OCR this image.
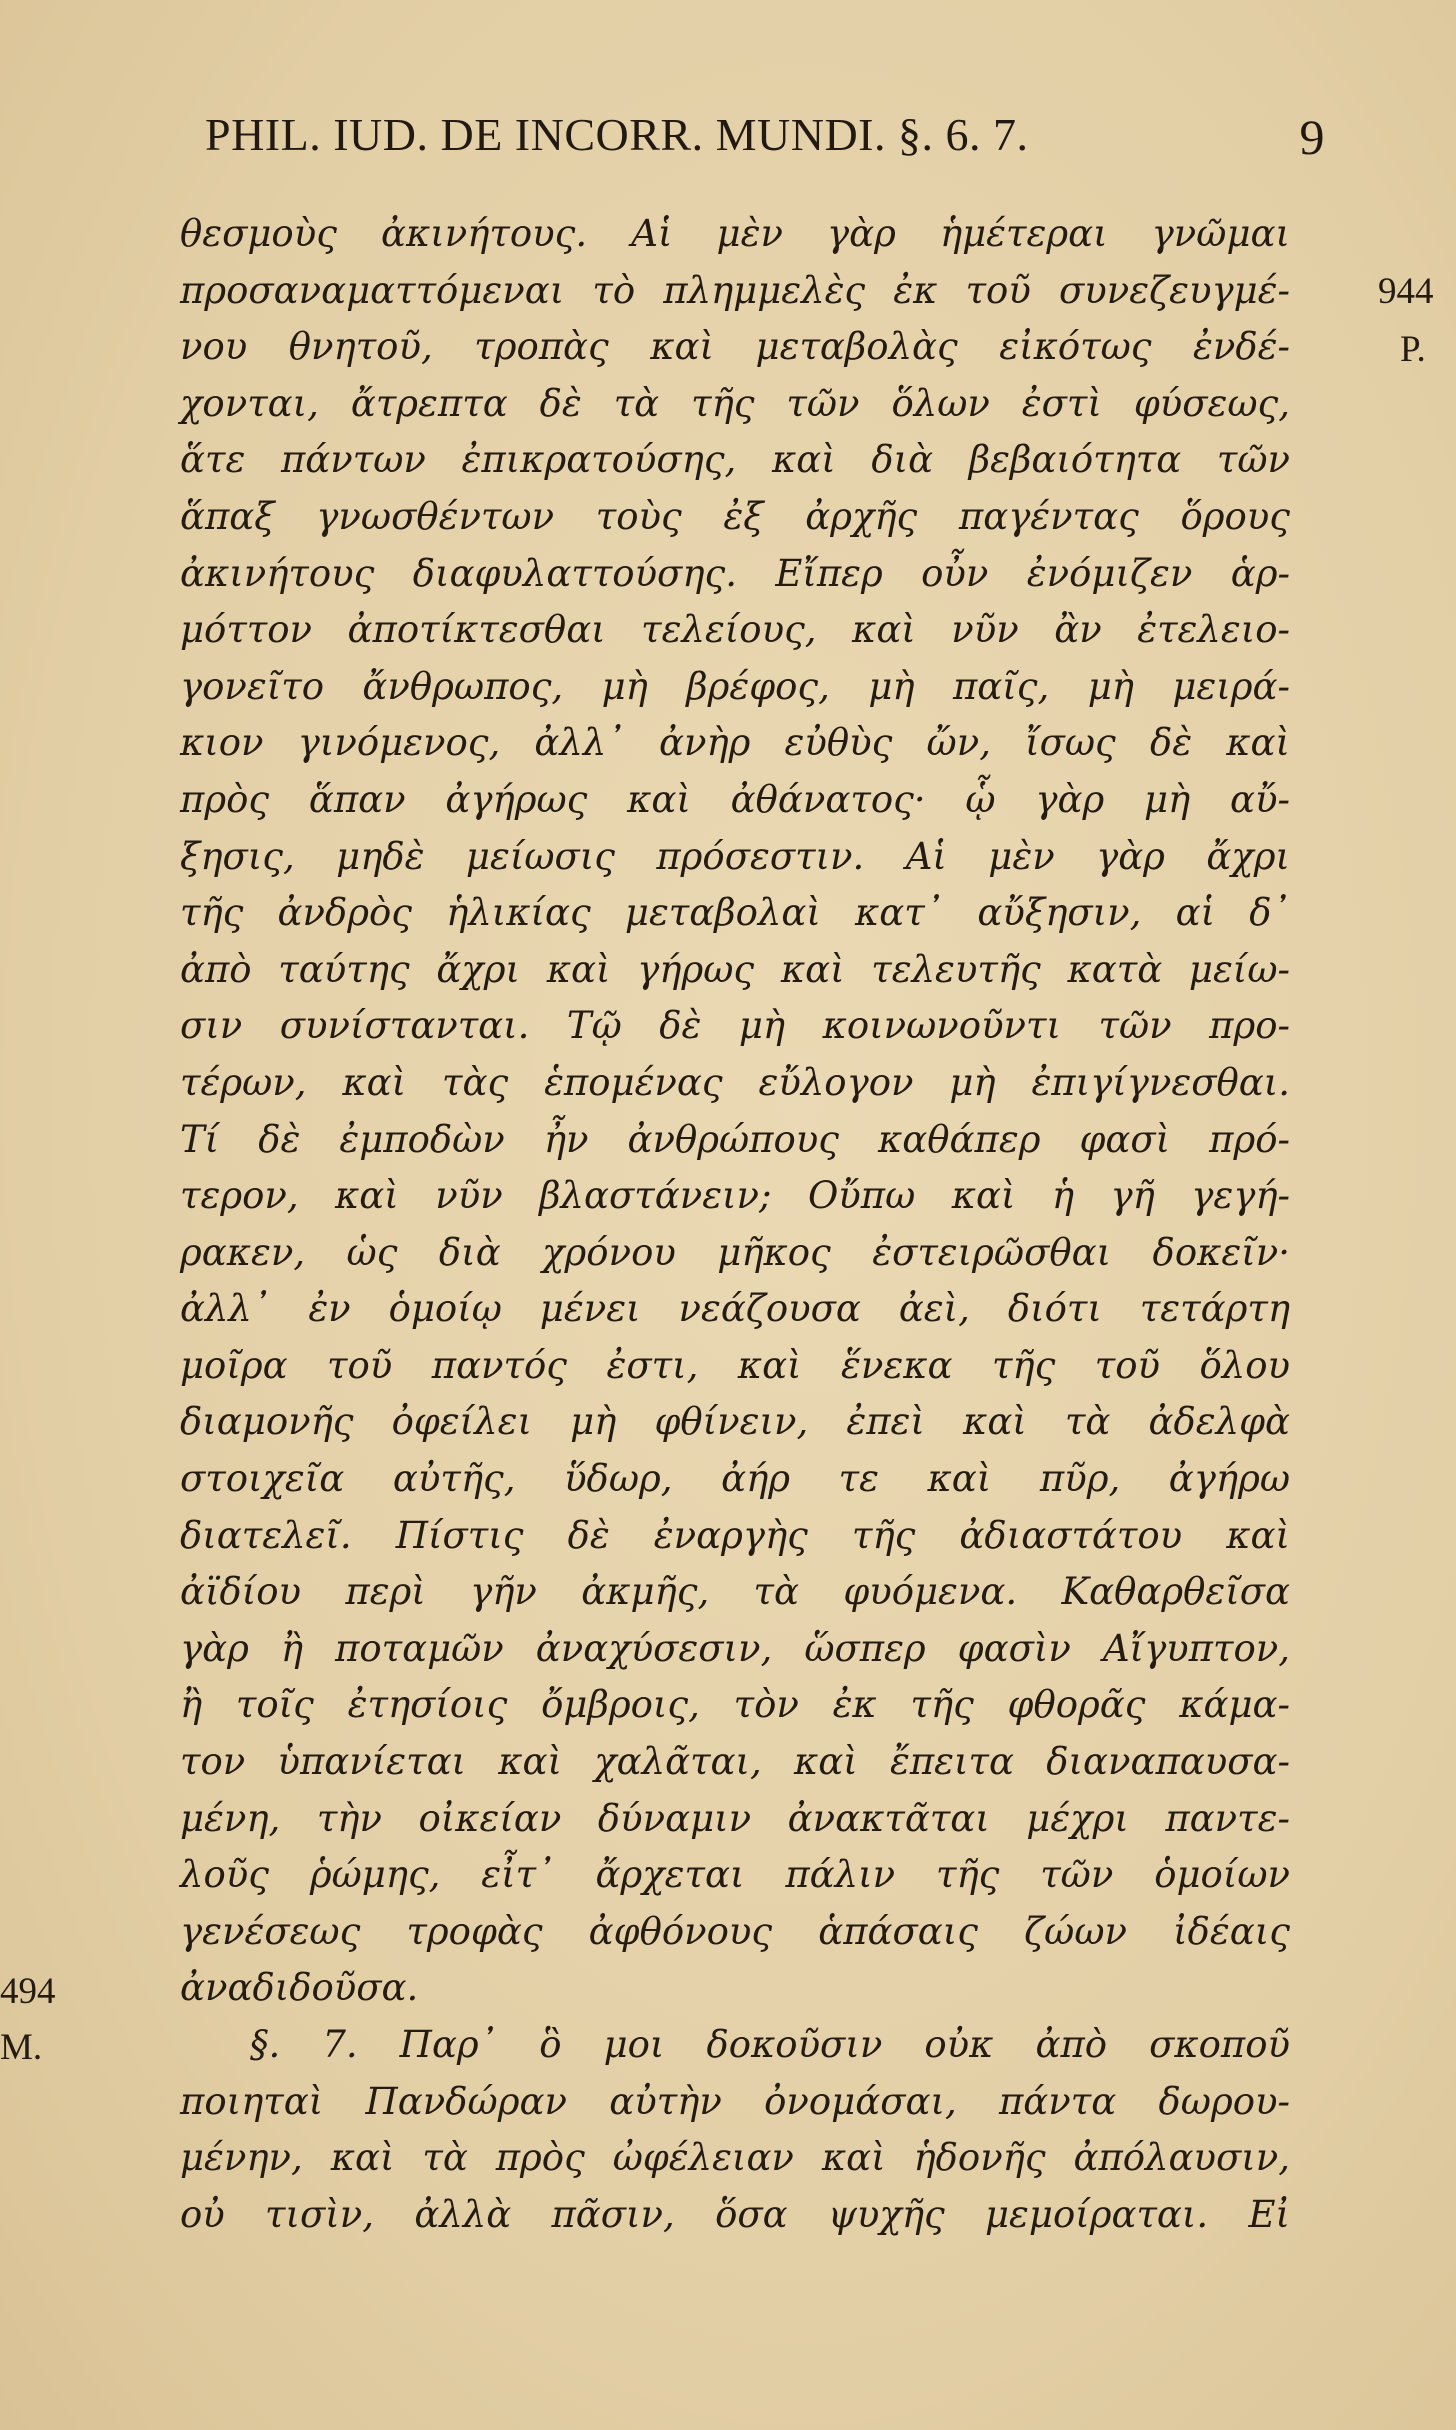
PHIL. IUD. DE INCORR. MUNDI. §. 6. 7.	9
944
P.
494
M.
θεσμοὺς ἀκινήτους. Αἱ μὲν γὰρ ἡμέτεραι γνῶμαι
προσαναματτόμεναι τὸ πλημμελὲς ἐκ τοῦ συνεζευγμέ-
νου θνητοῦ, τροπὰς καὶ μεταβολὰς εἰκότως ἐνδέ-
χονται, ἄτρεπτα δὲ τὰ τῆς τῶν ὅλων ἐστὶ φύσεως,
ἅτε πάντων ἐπικρατούσης, καὶ διὰ βεβαιότητα τῶν
ἅπαξ γνωσθέντων τοὺς ἐξ ἀρχῆς παγέντας ὅρους
ἀκινήτους διαφυλαττούσης. Εἴπερ οὖν ἐνόμιζεν ἁρ-
μόττον ἀποτίκτεσθαι τελείους, καὶ νῦν ἂν ἐτελειο-
γονεῖτο ἄνθρωπος, μὴ βρέφος, μὴ παῖς, μὴ μειρά-
κιον γινόμενος, ἀλλ᾽ ἀνὴρ εὐθὺς ὤν, ἴσως δὲ καὶ
πρὸς ἅπαν ἀγήρως καὶ ἀθάνατος· ᾧ γὰρ μὴ αὔ-
ξησις, μηδὲ μείωσις πρόσεστιν. Αἱ μὲν γὰρ ἄχρι
τῆς ἀνδρὸς ἡλικίας μεταβολαὶ κατ᾽ αὔξησιν, αἱ δ᾽
ἀπὸ ταύτης ἄχρι καὶ γήρως καὶ τελευτῆς κατὰ μείω-
σιν συνίστανται. Τῷ δὲ μὴ κοινωνοῦντι τῶν προ-
τέρων, καὶ τὰς ἑπομένας εὔλογον μὴ ἐπιγίγνεσθαι.
Τί δὲ ἐμποδὼν ἦν ἀνθρώπους καθάπερ φασὶ πρό-
τερον, καὶ νῦν βλαστάνειν; Οὔπω καὶ ἡ γῆ γεγή-
ρακεν, ὡς διὰ χρόνου μῆκος ἐστειρῶσθαι δοκεῖν·
ἀλλ᾽ ἐν ὁμοίῳ μένει νεάζουσα ἀεὶ, διότι τετάρτη
μοῖρα τοῦ παντός ἐστι, καὶ ἕνεκα τῆς τοῦ ὅλου
διαμονῆς ὀφείλει μὴ φθίνειν, ἐπεὶ καὶ τὰ ἀδελφὰ
στοιχεῖα αὐτῆς, ὕδωρ, ἀήρ τε καὶ πῦρ, ἀγήρω
διατελεῖ. Πίστις δὲ ἐναργὴς τῆς ἀδιαστάτου καὶ
ἀϊδίου περὶ γῆν ἀκμῆς, τὰ φυόμενα. Καθαρθεῖσα
γὰρ ἢ ποταμῶν ἀναχύσεσιν, ὥσπερ φασὶν Αἴγυπτον,
ἢ τοῖς ἐτησίοις ὄμβροις, τὸν ἐκ τῆς φθορᾶς κάμα-
τον ὑπανίεται καὶ χαλᾶται, καὶ ἔπειτα διαναπαυσα-
μένη, τὴν οἰκείαν δύναμιν ἀνακτᾶται μέχρι παντε-
λοῦς ῥώμης, εἶτ᾽ ἄρχεται πάλιν τῆς τῶν ὁμοίων
γενέσεως τροφὰς ἀφθόνους ἁπάσαις ζώων ἰδέαις
ἀναδιδοῦσα.
§. 7. Παρ᾽ ὃ μοι δοκοῦσιν οὐκ ἀπὸ σκοποῦ
ποιηταὶ Πανδώραν αὐτὴν ὀνομάσαι, πάντα δωρου-
μένην, καὶ τὰ πρὸς ὠφέλειαν καὶ ἡδονῆς ἀπόλαυσιν,
οὐ τισὶν, ἀλλὰ πᾶσιν, ὅσα ψυχῆς μεμοίραται. Εἰ
